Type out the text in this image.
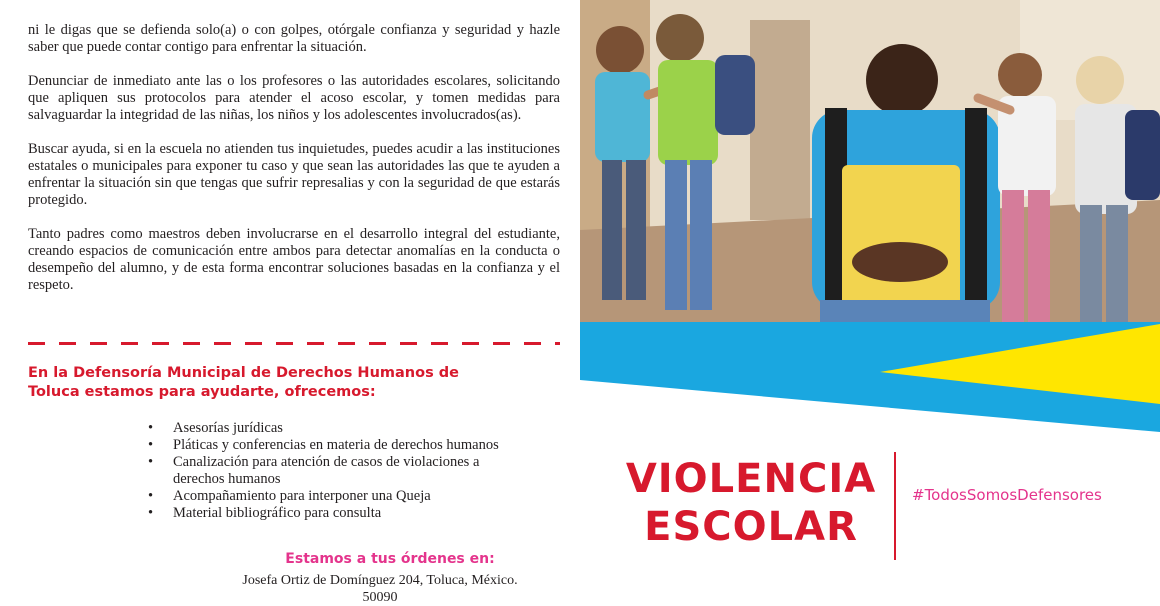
ni le digas que se defienda solo(a) o con golpes, otórgale confianza y seguridad y hazle saber que puede contar contigo para enfrentar la situación.

Denunciar de inmediato ante las o los profesores o las autoridades escolares, solicitando que apliquen sus protocolos para atender el acoso escolar, y tomen medidas para salvaguardar la integridad de las niñas, los niños y los adolescentes involucrados(as).

Buscar ayuda, si en la escuela no atienden tus inquietudes, puedes acudir a las instituciones estatales o municipales para exponer tu caso y que sean las autoridades las que te ayuden a enfrentar la situación sin que tengas que sufrir represalias y con la seguridad de que estarás protegido.

Tanto padres como maestros deben involucrarse en el desarrollo integral del estudiante, creando espacios de comunicación entre ambos para detectar anomalías en la conducta o desempeño del alumno, y de esta forma encontrar soluciones basadas en la confianza y el respeto.

En la Defensoría Municipal de Derechos Humanos de Toluca estamos para ayudarte, ofrecemos:
• Asesorías jurídicas
• Pláticas y conferencias en materia de derechos humanos
• Canalización para atención de casos de violaciones a derechos humanos
• Acompañamiento para interponer una Queja
• Material bibliográfico para consulta
Estamos a tus órdenes en:
Josefa Ortiz de Domínguez 204, Toluca, México. 50090
VIOLENCIA
ESCOLAR
#TodosSomosDefensores
